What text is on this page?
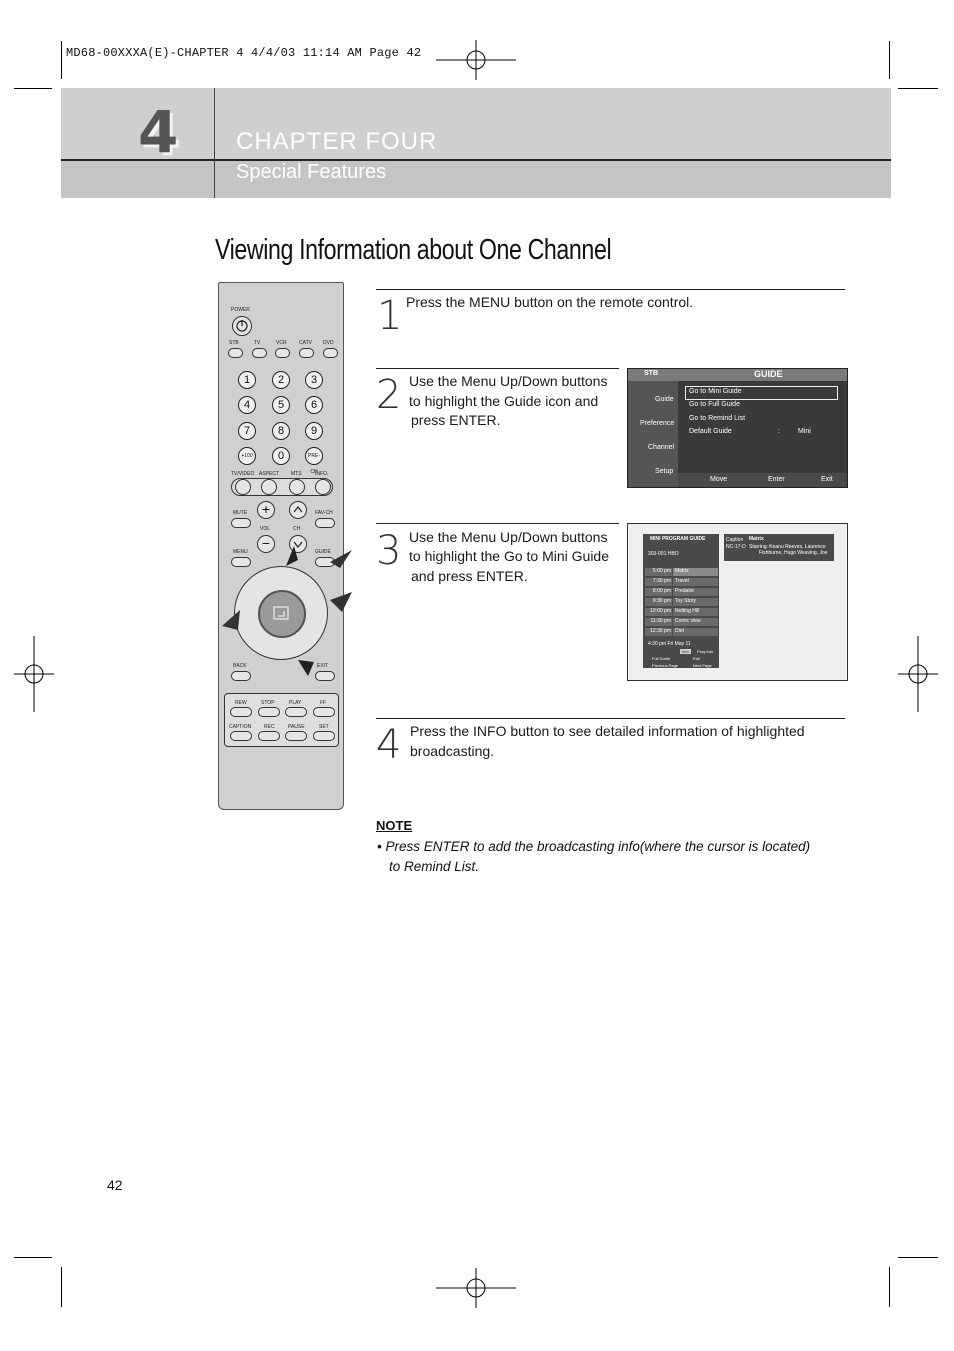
MD68-00XXXA(E)-CHAPTER 4 4/4/03 11:14 AM Page 42
4 CHAPTER FOUR
Special Features
Viewing Information about One Channel
POWER
STB	TV	VCR CATV DVD
1	2	3
4	5	6
7	8	9
+100	0	PRE-CH
TV/VIDEO ASPECT MTS	INFO.
MUTE	+
−
VOL	CH
FAV-CH
MENU	GUIDE
BACK	EXIT
REW	STOP	PLAY	FF
CAPTION	REC	PAUSE	SET
1 Press the MENU button on the remote control.
2 Use the Menu Up/Down buttons
to highlight the Guide icon and
press ENTER.
STB	GUIDE
Guide
Preference
Channel
Setup
Go to Mini Guide
Go to Full Guide
Go to Remind List
Default Guide	:	Mini
Move	Enter	Exit
3 Use the Menu Up/Down buttons
to highlight the Go to Mini Guide
and press ENTER.
MINI PROGRAM GUIDE
303-001 HBO
5:00 pm Matrix
7:30 pm Travel
8:00 pm Predator
9:30 pm Toy Story
10:00 pm Notting Hill
11:30 pm Comic view
12:30 pm Diet
4:30 pm Fri May 11
Info	Prog Info
Full Guide	Exit
Previous Page	Next Page
Caption Matrix
NC-17-D Starring: Keanu Reeves, Laurence
Fishburne, Hugo Weaving, Joe
4 Press the INFO button to see detailed information of highlighted
broadcasting.
NOTE
• Press ENTER to add the broadcasting info(where the cursor is located)
to Remind List.
42
